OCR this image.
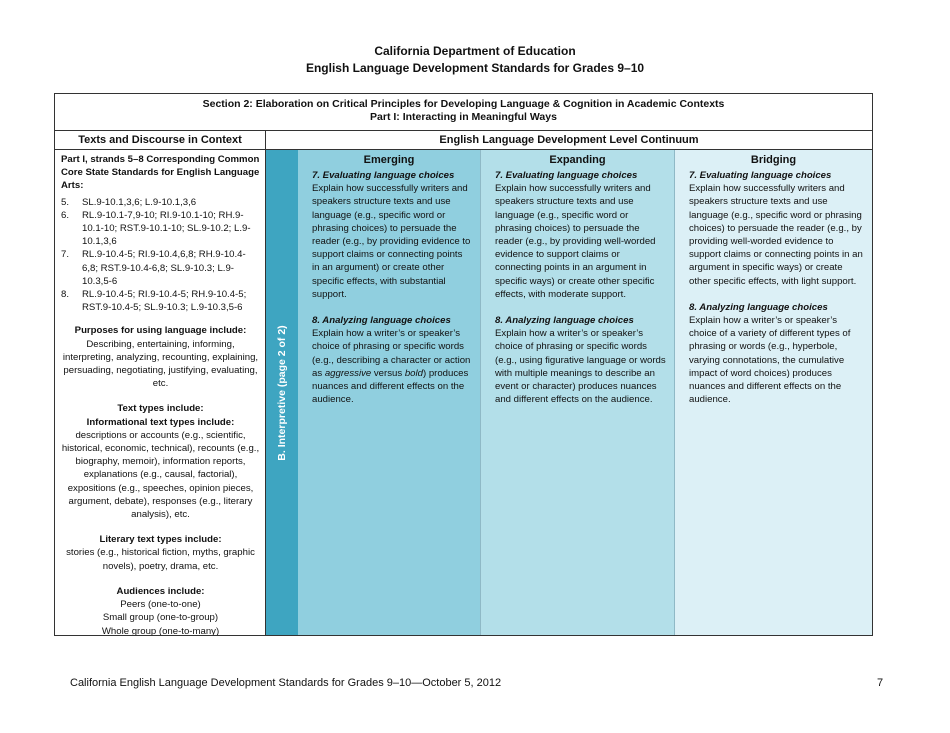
California Department of Education
English Language Development Standards for Grades 9–10
Section 2: Elaboration on Critical Principles for Developing Language & Cognition in Academic Contexts
Part I: Interacting in Meaningful Ways
Texts and Discourse in Context	English Language Development Level Continuum
Part I, strands 5–8 Corresponding Common Core State Standards for English Language Arts:
5. SL.9-10.1,3,6; L.9-10.1,3,6
6. RL.9-10.1-7,9-10; RI.9-10.1-10; RH.9-10.1-10; RST.9-10.1-10; SL.9-10.2; L.9-10.1,3,6
7. RL.9-10.4-5; RI.9-10.4,6,8; RH.9-10.4-6,8; RST.9-10.4-6,8; SL.9-10.3; L.9-10.3,5-6
8. RL.9-10.4-5; RI.9-10.4-5; RH.9-10.4-5; RST.9-10.4-5; SL.9-10.3; L.9-10.3,5-6
Purposes for using language include:
Describing, entertaining, informing, interpreting, analyzing, recounting, explaining, persuading, negotiating, justifying, evaluating, etc.
Text types include:
Informational text types include:
descriptions or accounts (e.g., scientific, historical, economic, technical), recounts (e.g., biography, memoir), information reports, explanations (e.g., causal, factorial), expositions (e.g., speeches, opinion pieces, argument, debate), responses (e.g., literary analysis), etc.
Literary text types include:
stories (e.g., historical fiction, myths, graphic novels), poetry, drama, etc.
Audiences include:
Peers (one-to-one)
Small group (one-to-group)
Whole group (one-to-many)
B. Interpretive (page 2 of 2)
Emerging
7. Evaluating language choices
Explain how successfully writers and speakers structure texts and use language (e.g., specific word or phrasing choices) to persuade the reader (e.g., by providing evidence to support claims or connecting points in an argument) or create other specific effects, with substantial support.
8. Analyzing language choices
Explain how a writer’s or speaker’s choice of phrasing or specific words (e.g., describing a character or action as aggressive versus bold) produces nuances and different effects on the audience.
Expanding
7. Evaluating language choices
Explain how successfully writers and speakers structure texts and use language (e.g., specific word or phrasing choices) to persuade the reader (e.g., by providing well-worded evidence to support claims or connecting points in an argument in specific ways) or create other specific effects, with moderate support.
8. Analyzing language choices
Explain how a writer’s or speaker’s choice of phrasing or specific words (e.g., using figurative language or words with multiple meanings to describe an event or character) produces nuances and different effects on the audience.
Bridging
7. Evaluating language choices
Explain how successfully writers and speakers structure texts and use language (e.g., specific word or phrasing choices) to persuade the reader (e.g., by providing well-worded evidence to support claims or connecting points in an argument in specific ways) or create other specific effects, with light support.
8. Analyzing language choices
Explain how a writer’s or speaker’s choice of a variety of different types of phrasing or words (e.g., hyperbole, varying connotations, the cumulative impact of word choices) produces nuances and different effects on the audience.
California English Language Development Standards for Grades 9–10—October 5, 2012	7
